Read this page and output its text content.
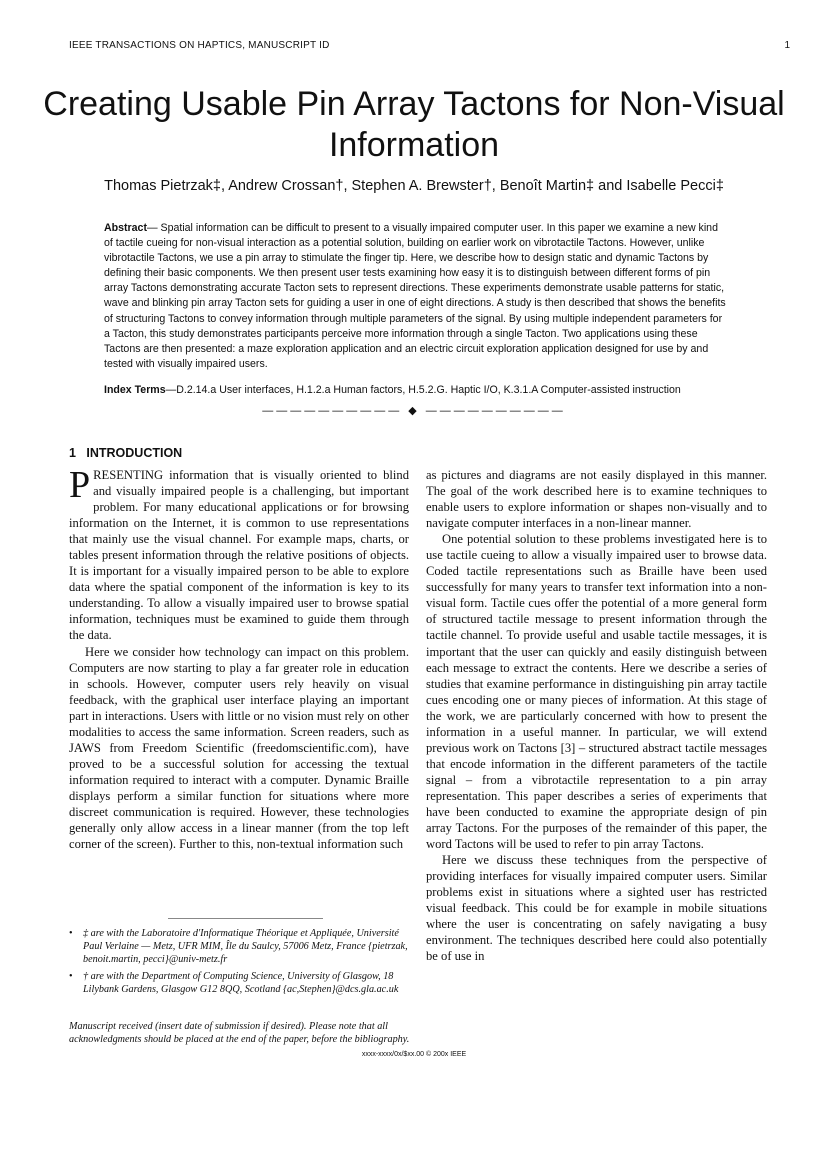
IEEE TRANSACTIONS ON HAPTICS, MANUSCRIPT ID	1
Creating Usable Pin Array Tactons for Non-Visual Information
Thomas Pietrzak‡, Andrew Crossan†, Stephen A. Brewster†, Benoît Martin‡ and Isabelle Pecci‡

Abstract— Spatial information can be difficult to present to a visually impaired computer user. In this paper we examine a new kind of tactile cueing for non-visual interaction as a potential solution, building on earlier work on vibrotactile Tactons. However, unlike vibrotactile Tactons, we use a pin array to stimulate the finger tip. Here, we describe how to design static and dynamic Tactons by defining their basic components. We then present user tests examining how easy it is to distinguish between different forms of pin array Tactons demonstrating accurate Tacton sets to represent directions. These experiments demonstrate usable patterns for static, wave and blinking pin array Tacton sets for guiding a user in one of eight directions. A study is then described that shows the benefits of structuring Tactons to convey information through multiple parameters of the signal. By using multiple independent parameters for a Tacton, this study demonstrates participants perceive more information through a single Tacton. Two applications using these Tactons are then presented: a maze exploration application and an electric circuit exploration application designed for use by and tested with visually impaired users.

Index Terms—D.2.14.a User interfaces, H.1.2.a Human factors, H.5.2.G. Haptic I/O, K.3.1.A Computer-assisted instruction

—————————— ◆ ——————————
1 INTRODUCTION

PRESENTING information that is visually oriented to blind and visually impaired people is a challenging, but important problem. For many educational applications or for browsing information on the Internet, it is common to use representations that mainly use the visual channel. For example maps, charts, or tables present information through the relative positions of objects. It is important for a visually impaired person to be able to explore data where the spatial component of the information is key to its understanding. To allow a visually impaired user to browse spatial information, techniques must be examined to guide them through the data.

Here we consider how technology can impact on this problem. Computers are now starting to play a far greater role in education in schools. However, computer users rely heavily on visual feedback, with the graphical user interface playing an important part in interactions. Users with little or no vision must rely on other modalities to access the same information. Screen readers, such as JAWS from Freedom Scientific (freedomscientific.com), have proved to be a successful solution for accessing the textual information required to interact with a computer. Dynamic Braille displays perform a similar function for situations where more discreet communication is required. However, these technologies generally only allow access in a linear manner (from the top left corner of the screen). Further to this, non-textual information such

as pictures and diagrams are not easily displayed in this manner. The goal of the work described here is to examine techniques to enable users to explore information or shapes non-visually and to navigate computer interfaces in a non-linear manner.

One potential solution to these problems investigated here is to use tactile cueing to allow a visually impaired user to browse data. Coded tactile representations such as Braille have been used successfully for many years to transfer text information into a non-visual form. Tactile cues offer the potential of a more general form of structured tactile message to present information through the tactile channel. To provide useful and usable tactile messages, it is important that the user can quickly and easily distinguish between each message to extract the contents. Here we describe a series of studies that examine performance in distinguishing pin array tactile cues encoding one or many pieces of information. At this stage of the work, we are particularly concerned with how to present the information in a useful manner. In particular, we will extend previous work on Tactons [3] – structured abstract tactile messages that encode information in the different parameters of the tactile signal – from a vibrotactile representation to a pin array representation. This paper describes a series of experiments that have been conducted to examine the appropriate design of pin array Tactons. For the purposes of the remainder of this paper, the word Tactons will be used to refer to pin array Tactons.

Here we discuss these techniques from the perspective of providing interfaces for visually impaired computer users. Similar problems exist in situations where a sighted user has restricted visual feedback. This could be for example in mobile situations where the user is concentrating on safely navigating a busy environment. The techniques described here could also potentially be of use in

• ‡ are with the Laboratoire d'Informatique Théorique et Appliquée, Université Paul Verlaine — Metz, UFR MIM, Île du Saulcy, 57006 Metz, France {pietrzak, benoit.martin, pecci}@univ-metz.fr

• † are with the Department of Computing Science, University of Glasgow, 18 Lilybank Gardens, Glasgow G12 8QQ, Scotland {ac,Stephen}@dcs.gla.ac.uk

Manuscript received (insert date of submission if desired). Please note that all acknowledgments should be placed at the end of the paper, before the bibliography.

xxxx-xxxx/0x/$xx.00 © 200x IEEE
